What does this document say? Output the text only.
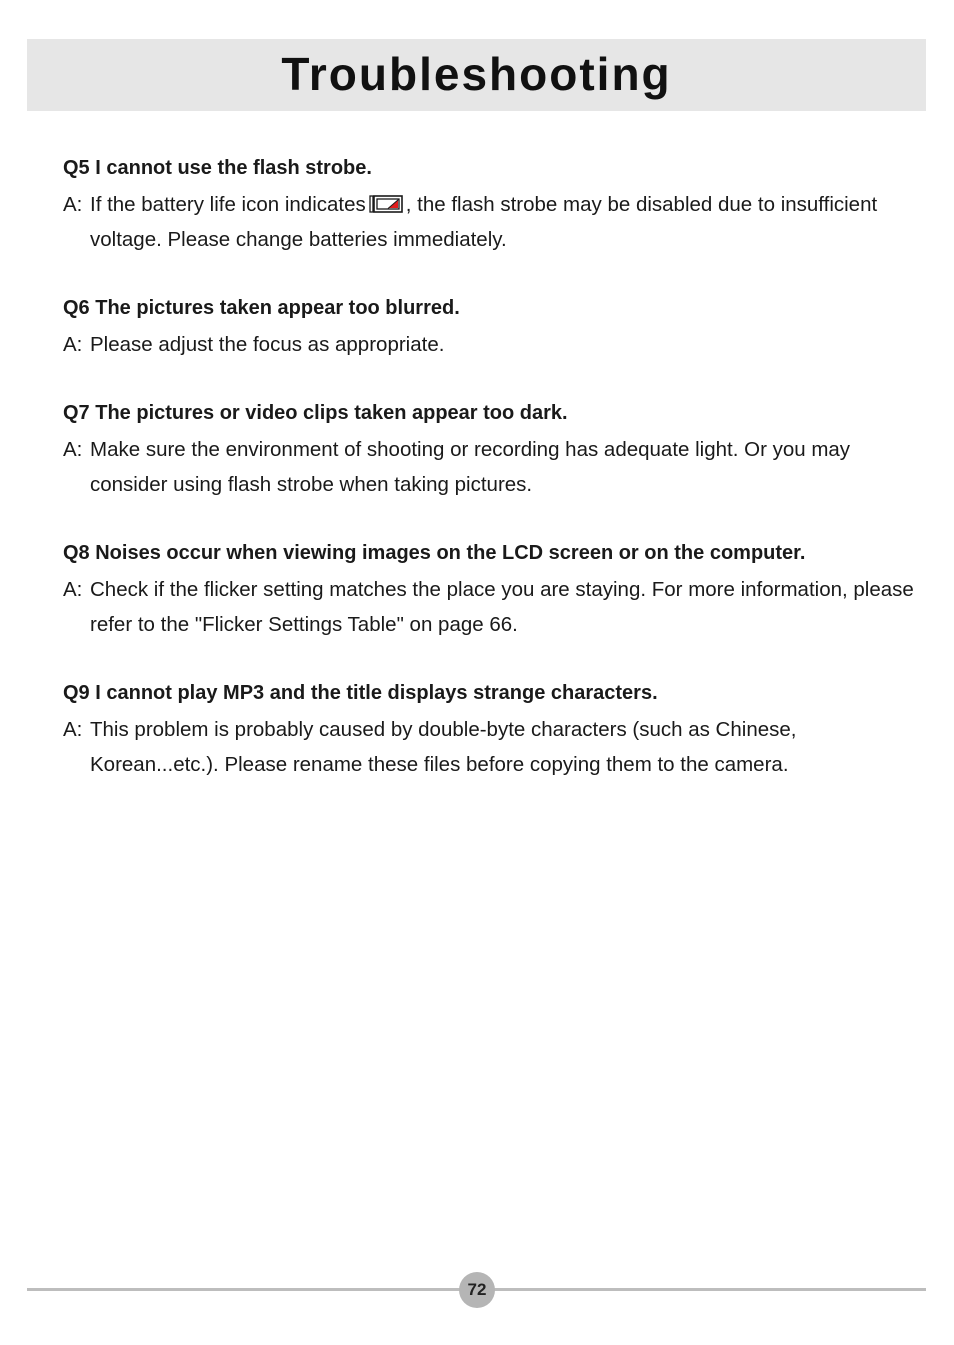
Troubleshooting

Q5 I cannot use the flash strobe.

A: If the battery life icon indicates , the flash strobe may be disabled due to insufficient voltage. Please change batteries immediately.

Q6 The pictures taken appear too blurred.

A: Please adjust the focus as appropriate.

Q7 The pictures or video clips taken appear too dark.

A: Make sure the environment of shooting or recording has adequate light. Or you may consider using flash strobe when taking pictures.

Q8 Noises occur when viewing images on the LCD screen or on the computer.

A: Check if the flicker setting matches the place you are staying. For more information, please refer to the "Flicker Settings Table" on page 66.

Q9 I cannot play MP3 and the title displays strange characters.

A: This problem is probably caused by double-byte characters (such as Chinese, Korean...etc.). Please rename these files before copying them to the camera.
72
